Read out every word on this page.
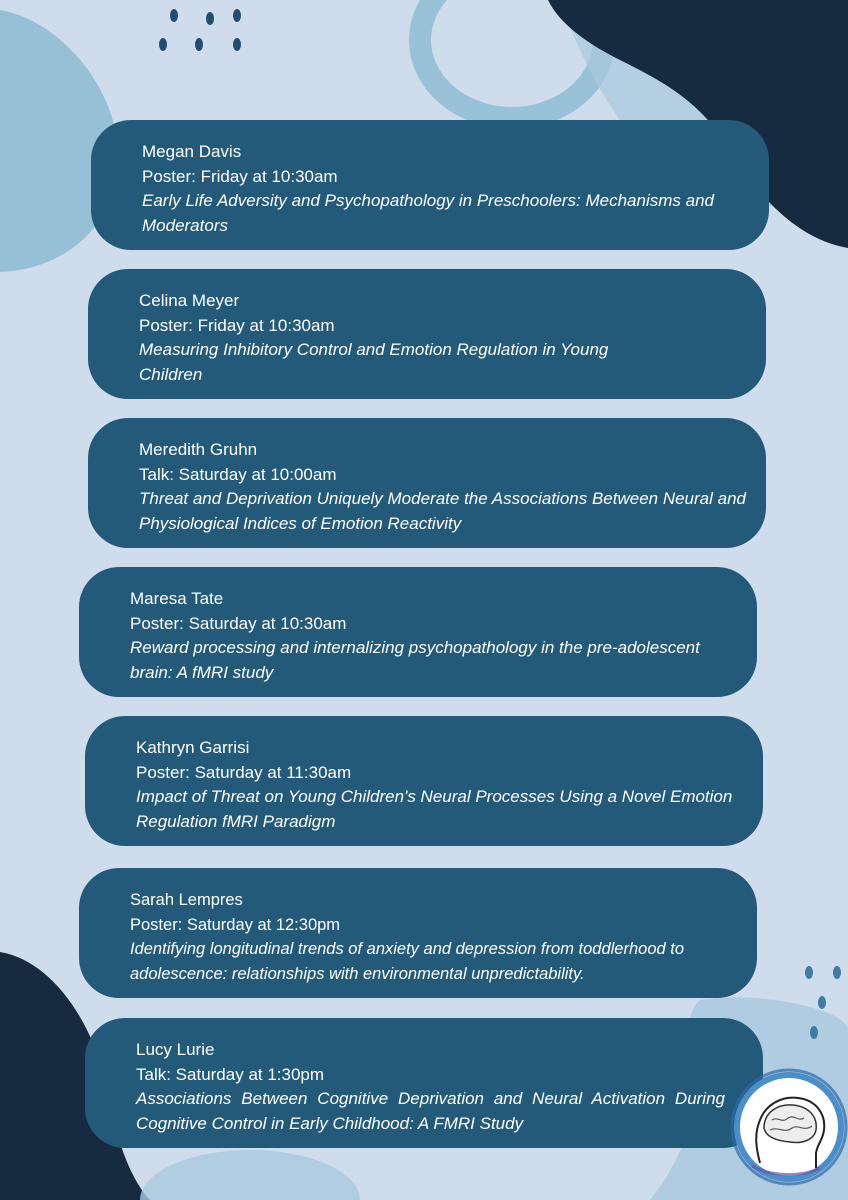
Megan Davis
Poster: Friday at 10:30am
Early Life Adversity and Psychopathology in Preschoolers: Mechanisms and Moderators
Celina Meyer
Poster: Friday at 10:30am
Measuring Inhibitory Control and Emotion Regulation in Young Children
Meredith Gruhn
Talk: Saturday at 10:00am
Threat and Deprivation Uniquely Moderate the Associations Between Neural and Physiological Indices of Emotion Reactivity
Maresa Tate
Poster: Saturday at 10:30am
Reward processing and internalizing psychopathology in the pre-adolescent brain: A fMRI study
Kathryn Garrisi
Poster: Saturday at 11:30am
Impact of Threat on Young Children's Neural Processes Using a Novel Emotion Regulation fMRI Paradigm
Sarah Lempres
Poster: Saturday at 12:30pm
Identifying longitudinal trends of anxiety and depression from toddlerhood to adolescence: relationships with environmental unpredictability.
Lucy Lurie
Talk: Saturday at 1:30pm
Associations Between Cognitive Deprivation and Neural Activation During Cognitive Control in Early Childhood: A FMRI Study
